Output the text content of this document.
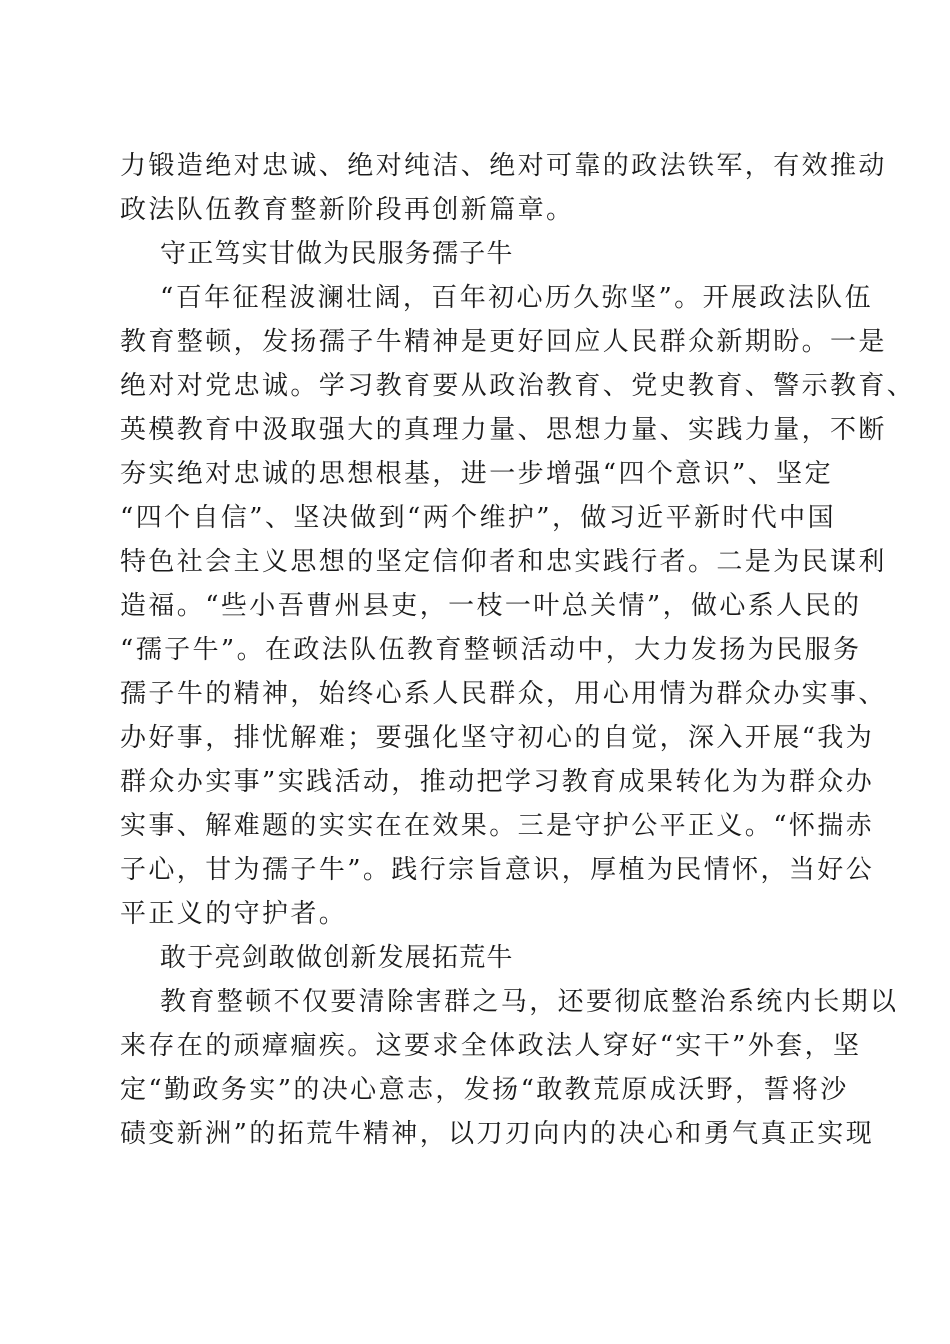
力锻造绝对忠诚、绝对纯洁、绝对可靠的政法铁军，有效推动
政法队伍教育整新阶段再创新篇章。
守正笃实甘做为民服务孺子牛
“百年征程波澜壮阔，百年初心历久弥坚”。开展政法队伍
教育整顿，发扬孺子牛精神是更好回应人民群众新期盼。一是
绝对对党忠诚。学习教育要从政治教育、党史教育、警示教育、
英模教育中汲取强大的真理力量、思想力量、实践力量，不断
夯实绝对忠诚的思想根基，进一步增强“四个意识”、坚定
“四个自信”、坚决做到“两个维护”，做习近平新时代中国
特色社会主义思想的坚定信仰者和忠实践行者。二是为民谋利
造福。“些小吾曹州县吏，一枝一叶总关情”，做心系人民的
“孺子牛”。在政法队伍教育整顿活动中，大力发扬为民服务
孺子牛的精神，始终心系人民群众，用心用情为群众办实事、
办好事，排忧解难；要强化坚守初心的自觉，深入开展“我为
群众办实事”实践活动，推动把学习教育成果转化为为群众办
实事、解难题的实实在在效果。三是守护公平正义。“怀揣赤
子心，甘为孺子牛”。践行宗旨意识，厚植为民情怀，当好公
平正义的守护者。
敢于亮剑敢做创新发展拓荒牛
教育整顿不仅要清除害群之马，还要彻底整治系统内长期以
来存在的顽瘴痼疾。这要求全体政法人穿好“实干”外套，坚
定“勤政务实”的决心意志，发扬“敢教荒原成沃野，誓将沙
碛变新洲”的拓荒牛精神，以刀刃向内的决心和勇气真正实现
